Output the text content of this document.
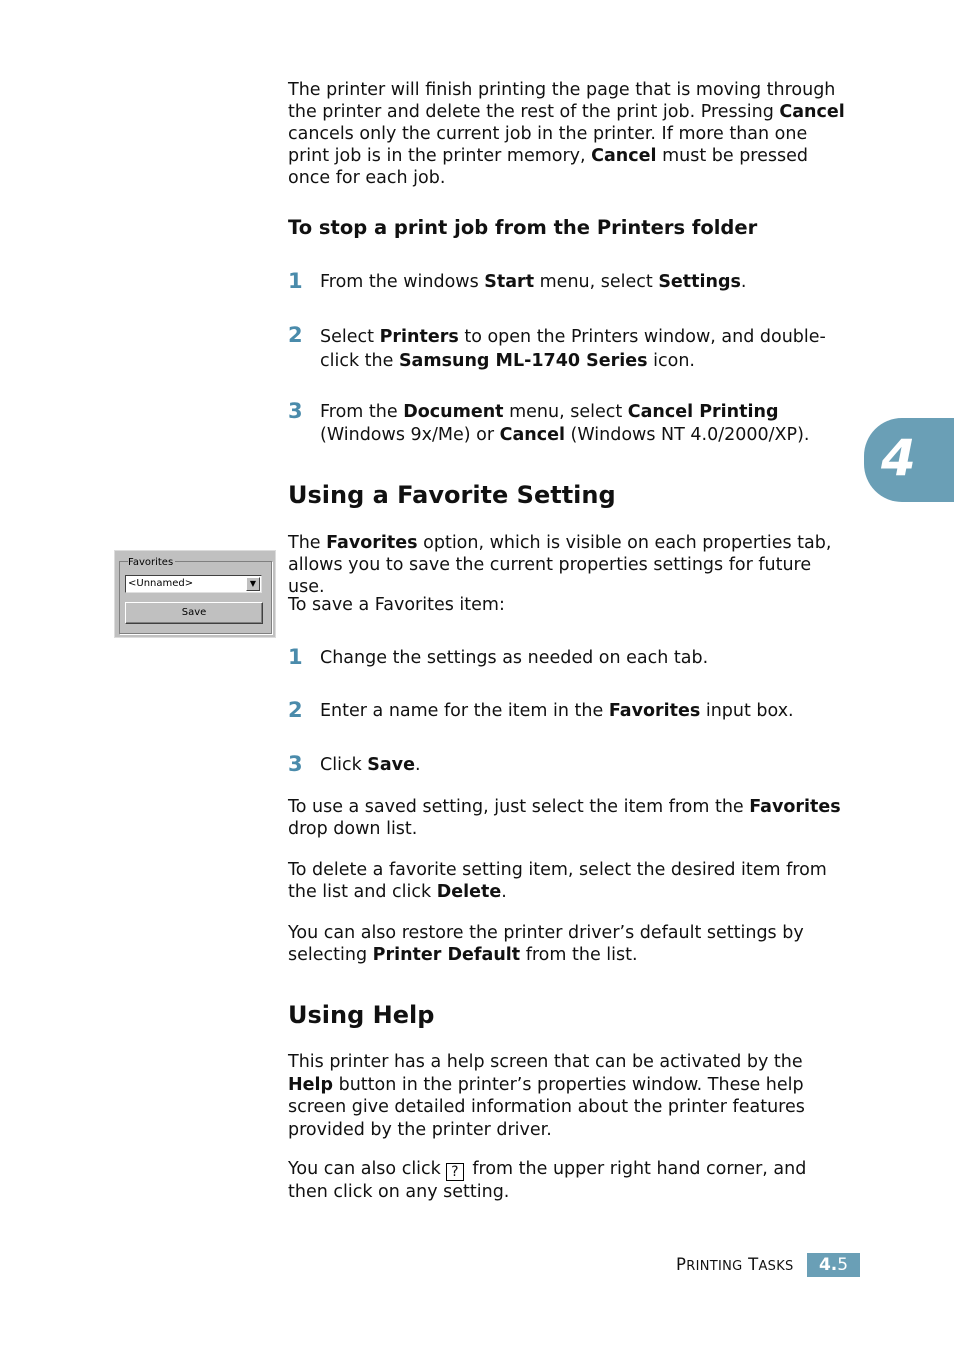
4

The printer will finish printing the page that is moving through the printer and delete the rest of the print job. Pressing Cancel cancels only the current job in the printer. If more than one print job is in the printer memory, Cancel must be pressed once for each job.

To stop a print job from the Printers folder
1 From the windows Start menu, select Settings.

2 Select Printers to open the Printers window, and double-click the Samsung ML-1740 Series icon.

3 From the Document menu, select Cancel Printing (Windows 9x/Me) or Cancel (Windows NT 4.0/2000/XP).

Using a Favorite Setting

The Favorites option, which is visible on each properties tab, allows you to save the current properties settings for future use.

Favorites
<Unnamed>	▼
Save	To save a Favorites item:

1 Change the settings as needed on each tab.

2 Enter a name for the item in the Favorites input box.

3 Click Save.

To use a saved setting, just select the item from the Favorites drop down list.

To delete a favorite setting item, select the desired item from the list and click Delete.

You can also restore the printer driver’s default settings by selecting Printer Default from the list.

Using Help

This printer has a help screen that can be activated by the Help button in the printer’s properties window. These help screen give detailed information about the printer features provided by the printer driver.

You can also click ? from the upper right hand corner, and then click on any setting.

PRINTING TASKS	4.5
